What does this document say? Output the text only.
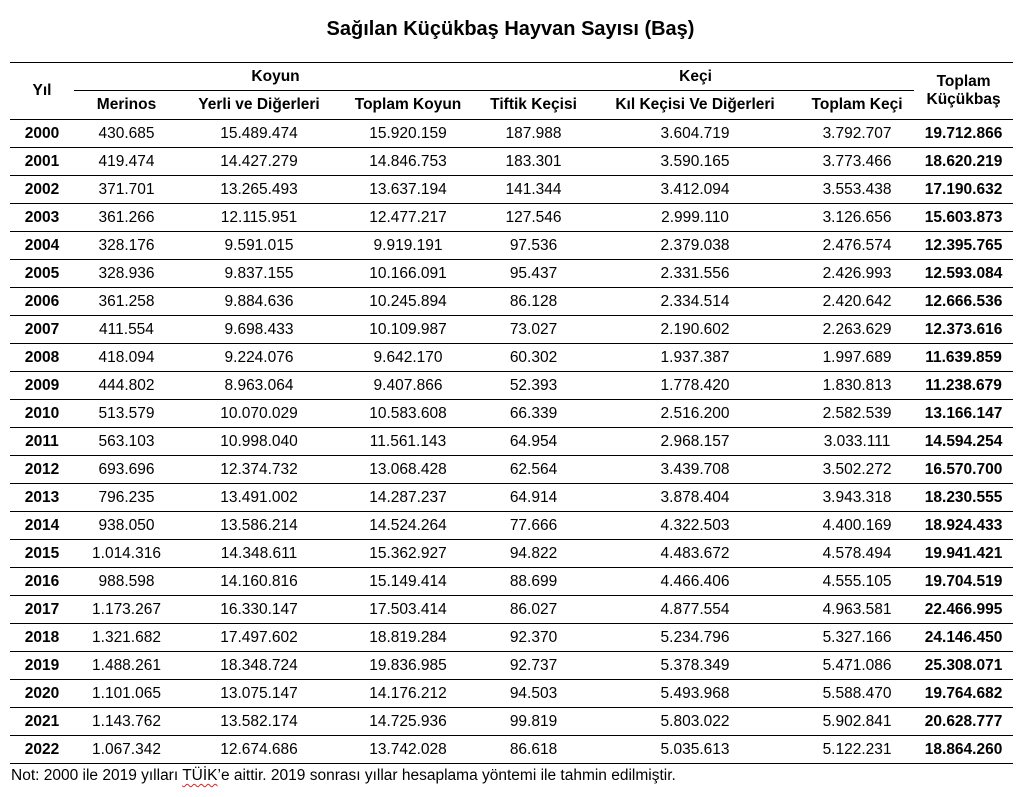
Sağılan Küçükbaş Hayvan Sayısı (Baş)
Yıl	Koyun			Keçi			Toplam
Küçükbaş
	Merinos	Yerli ve Diğerleri	Toplam Koyun	Tiftik Keçisi	Kıl Keçisi Ve Diğerleri	Toplam Keçi	
2000	430.685	15.489.474	15.920.159	187.988	3.604.719	3.792.707	19.712.866
2001	419.474	14.427.279	14.846.753	183.301	3.590.165	3.773.466	18.620.219
2002	371.701	13.265.493	13.637.194	141.344	3.412.094	3.553.438	17.190.632
2003	361.266	12.115.951	12.477.217	127.546	2.999.110	3.126.656	15.603.873
2004	328.176	9.591.015	9.919.191	97.536	2.379.038	2.476.574	12.395.765
2005	328.936	9.837.155	10.166.091	95.437	2.331.556	2.426.993	12.593.084
2006	361.258	9.884.636	10.245.894	86.128	2.334.514	2.420.642	12.666.536
2007	411.554	9.698.433	10.109.987	73.027	2.190.602	2.263.629	12.373.616
2008	418.094	9.224.076	9.642.170	60.302	1.937.387	1.997.689	11.639.859
2009	444.802	8.963.064	9.407.866	52.393	1.778.420	1.830.813	11.238.679
2010	513.579	10.070.029	10.583.608	66.339	2.516.200	2.582.539	13.166.147
2011	563.103	10.998.040	11.561.143	64.954	2.968.157	3.033.111	14.594.254
2012	693.696	12.374.732	13.068.428	62.564	3.439.708	3.502.272	16.570.700
2013	796.235	13.491.002	14.287.237	64.914	3.878.404	3.943.318	18.230.555
2014	938.050	13.586.214	14.524.264	77.666	4.322.503	4.400.169	18.924.433
2015	1.014.316	14.348.611	15.362.927	94.822	4.483.672	4.578.494	19.941.421
2016	988.598	14.160.816	15.149.414	88.699	4.466.406	4.555.105	19.704.519
2017	1.173.267	16.330.147	17.503.414	86.027	4.877.554	4.963.581	22.466.995
2018	1.321.682	17.497.602	18.819.284	92.370	5.234.796	5.327.166	24.146.450
2019	1.488.261	18.348.724	19.836.985	92.737	5.378.349	5.471.086	25.308.071
2020	1.101.065	13.075.147	14.176.212	94.503	5.493.968	5.588.470	19.764.682
2021	1.143.762	13.582.174	14.725.936	99.819	5.803.022	5.902.841	20.628.777
2022	1.067.342	12.674.686	13.742.028	86.618	5.035.613	5.122.231	18.864.260
Not: 2000 ile 2019 yılları TÜİK’e aittir. 2019 sonrası yıllar hesaplama yöntemi ile tahmin edilmiştir.
